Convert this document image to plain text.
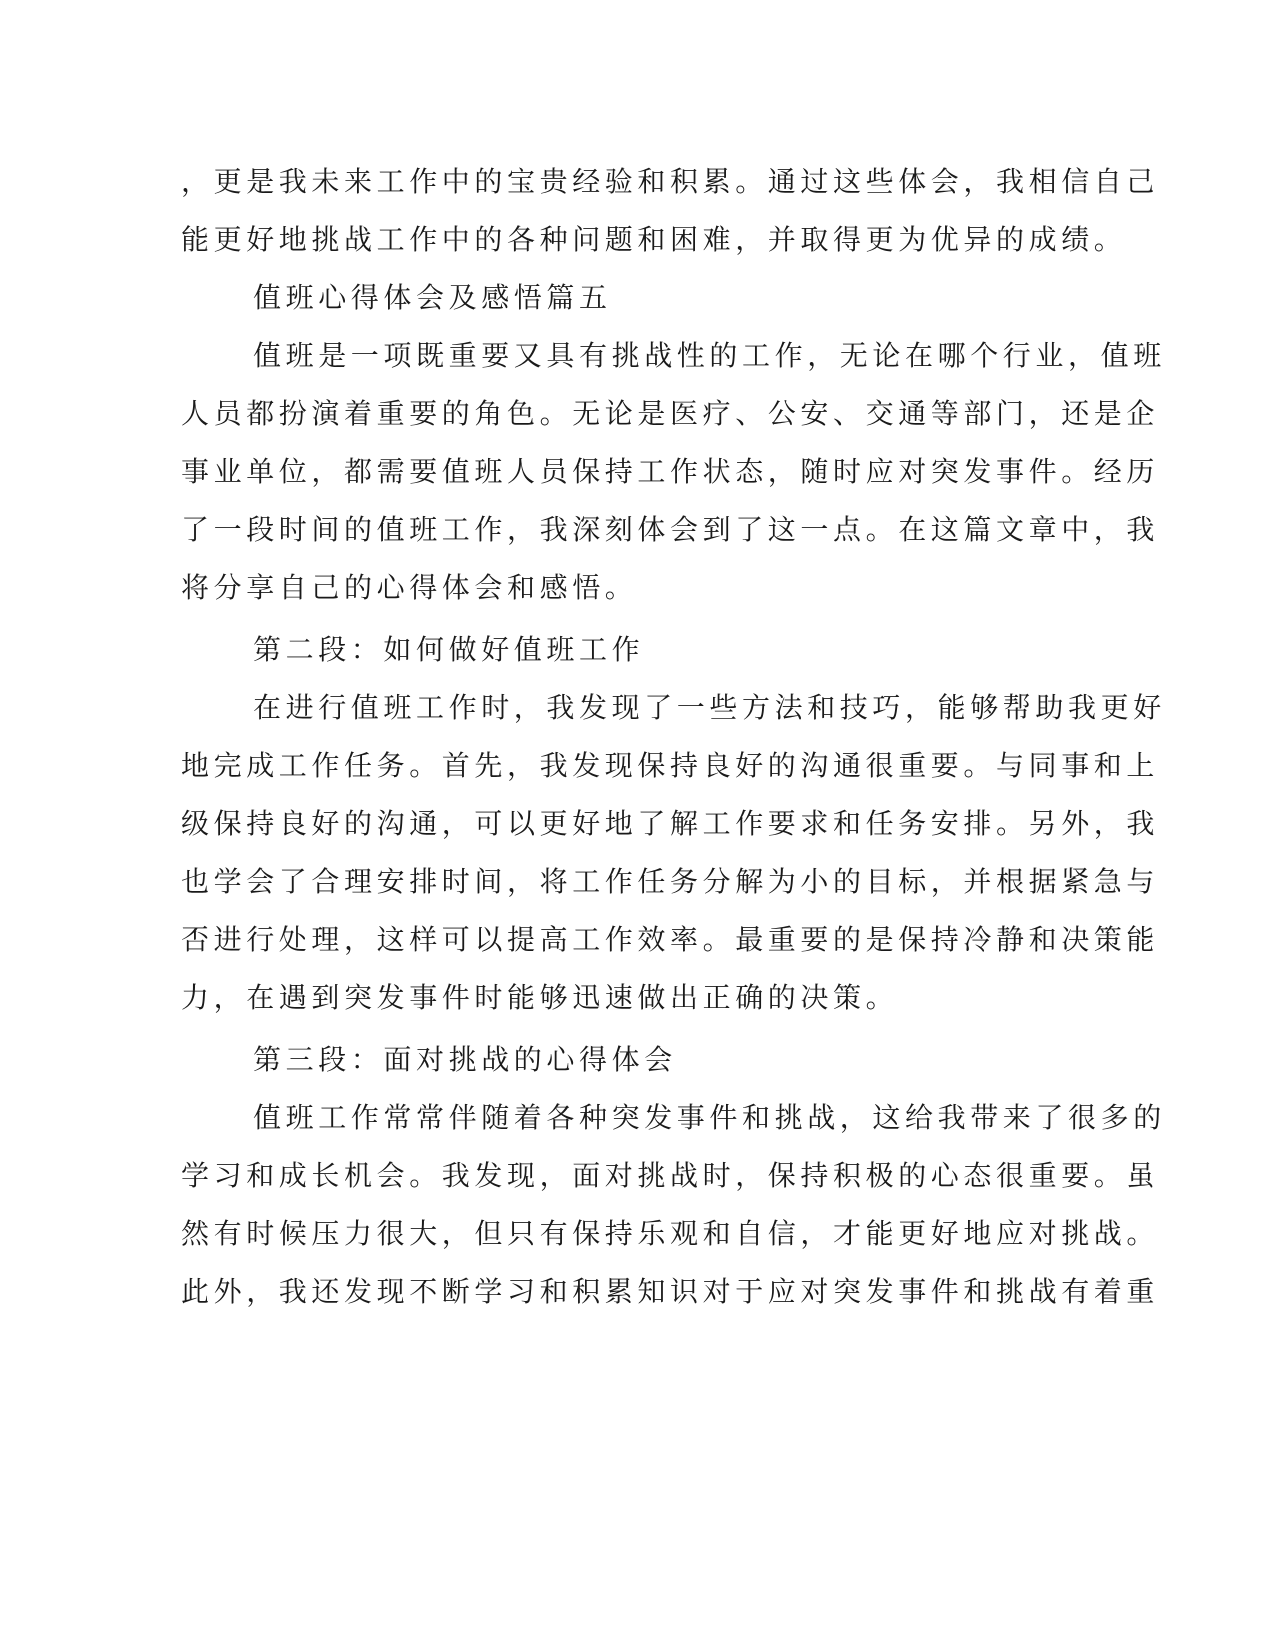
，更是我未来工作中的宝贵经验和积累。通过这些体会，我相信自己
能更好地挑战工作中的各种问题和困难，并取得更为优异的成绩。
值班心得体会及感悟篇五
值班是一项既重要又具有挑战性的工作，无论在哪个行业，值班
人员都扮演着重要的角色。无论是医疗、公安、交通等部门，还是企
事业单位，都需要值班人员保持工作状态，随时应对突发事件。经历
了一段时间的值班工作，我深刻体会到了这一点。在这篇文章中，我
将分享自己的心得体会和感悟。
第二段：如何做好值班工作
在进行值班工作时，我发现了一些方法和技巧，能够帮助我更好
地完成工作任务。首先，我发现保持良好的沟通很重要。与同事和上
级保持良好的沟通，可以更好地了解工作要求和任务安排。另外，我
也学会了合理安排时间，将工作任务分解为小的目标，并根据紧急与
否进行处理，这样可以提高工作效率。最重要的是保持冷静和决策能
力，在遇到突发事件时能够迅速做出正确的决策。
第三段：面对挑战的心得体会
值班工作常常伴随着各种突发事件和挑战，这给我带来了很多的
学习和成长机会。我发现，面对挑战时，保持积极的心态很重要。虽
然有时候压力很大，但只有保持乐观和自信，才能更好地应对挑战。
此外，我还发现不断学习和积累知识对于应对突发事件和挑战有着重
